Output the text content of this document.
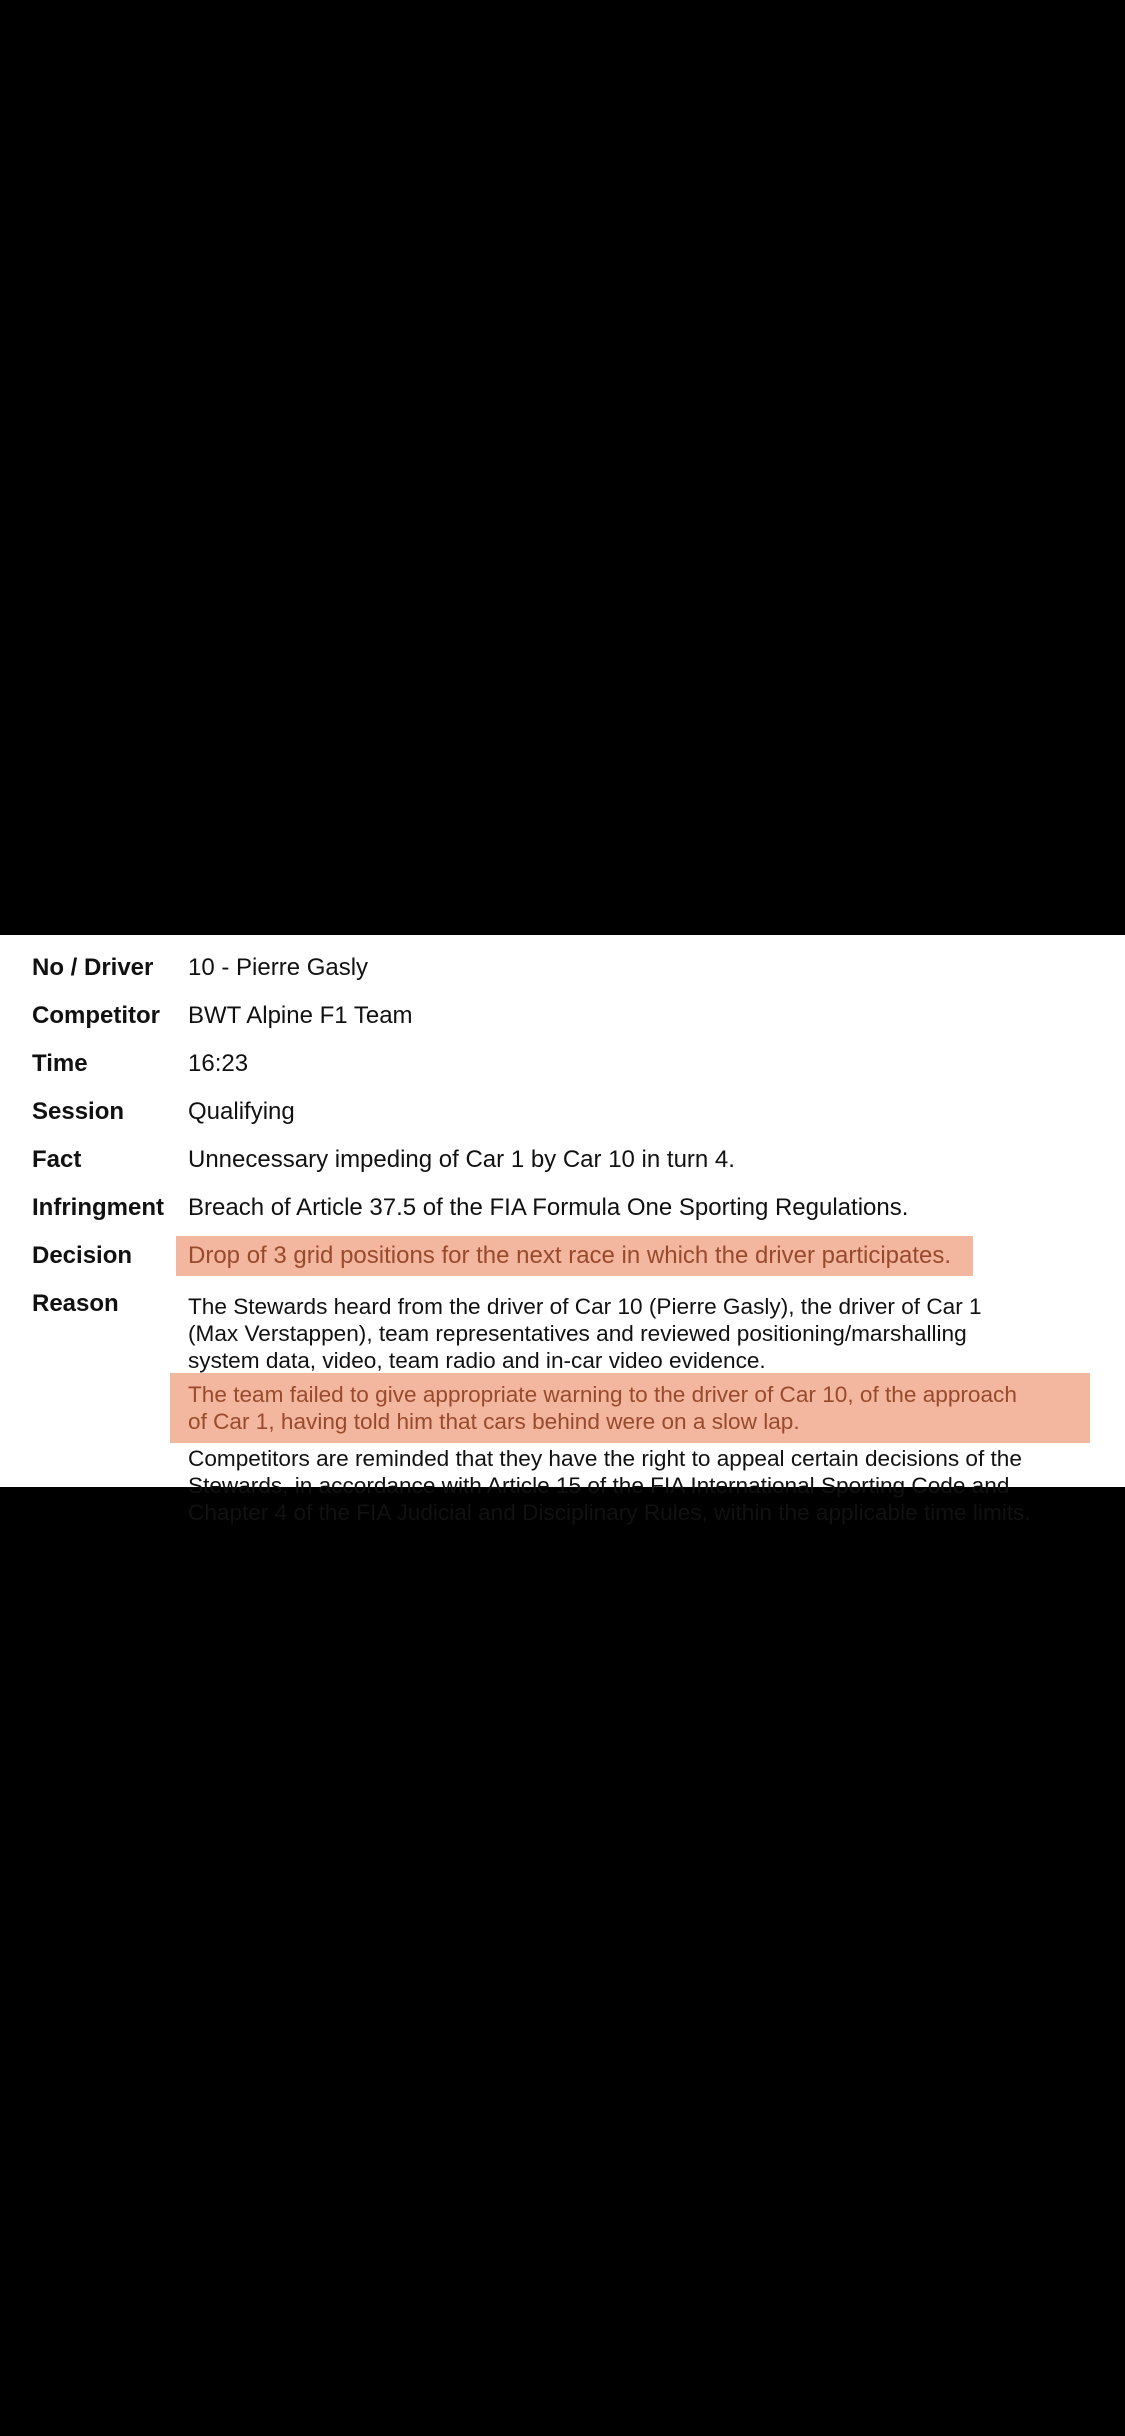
No / Driver 10 - Pierre Gasly
Competitor BWT Alpine F1 Team
Time	16:23
Session	Qualifying
Fact	Unnecessary impeding of Car 1 by Car 10 in turn 4.
Infringment Breach of Article 37.5 of the FIA Formula One Sporting Regulations.
Decision Drop of 3 grid positions for the next race in which the driver participates.
Reason	The Stewards heard from the driver of Car 10 (Pierre Gasly), the driver of Car 1
(Max Verstappen), team representatives and reviewed positioning/marshalling
system data, video, team radio and in-car video evidence.
The team failed to give appropriate warning to the driver of Car 10, of the approach
of Car 1, having told him that cars behind were on a slow lap.
Competitors are reminded that they have the right to appeal certain decisions of the
Stewards, in accordance with Article 15 of the FIA International Sporting Code and
Chapter 4 of the FIA Judicial and Disciplinary Rules, within the applicable time limits.
